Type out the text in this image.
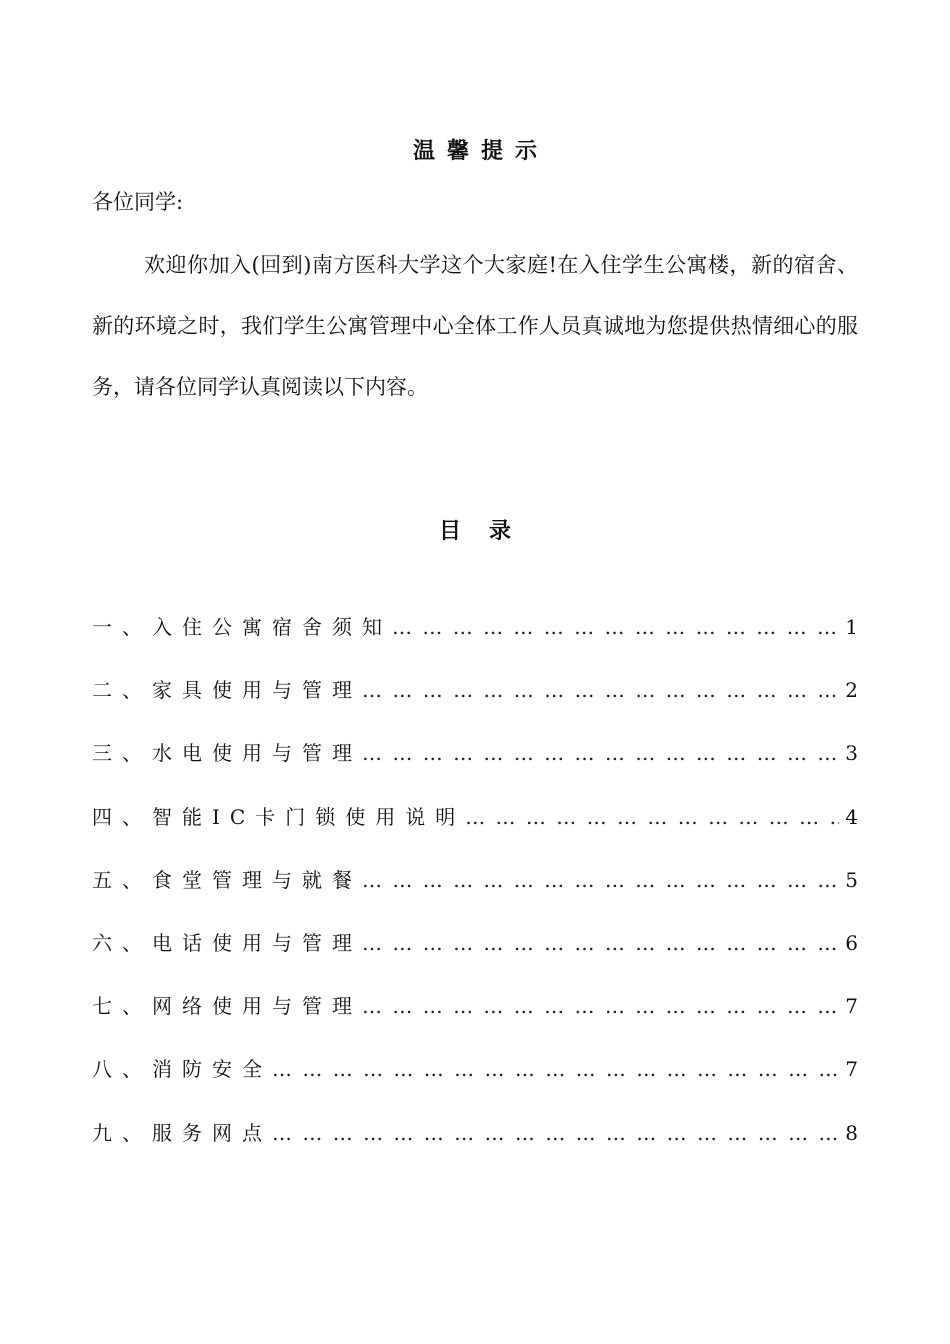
温馨提示
各位同学:

欢迎你加入(回到)南方医科大学这个大家庭!在入住学生公寓楼，新的宿舍、新的环境之时，我们学生公寓管理中心全体工作人员真诚地为您提供热情细心的服务，请各位同学认真阅读以下内容。

目录
一、入住公寓宿舍须知 … … … … … … … … … … … … … … … … … … … … … … … … … … … … … … … …	1
二、家具使用与管理 … … … … … … … … … … … … … … … … … … … … … … … … … … … … … … … …	2
三、水电使用与管理 … … … … … … … … … … … … … … … … … … … … … … … … … … … … … … … …	3
四、智能IC卡门锁使用说明 … … … … … … … … … … … … … … … … … … … … … … … … … … … … … … … …	4
五、食堂管理与就餐 … … … … … … … … … … … … … … … … … … … … … … … … … … … … … … … …	5
六、电话使用与管理 … … … … … … … … … … … … … … … … … … … … … … … … … … … … … … … …	6
七、网络使用与管理 … … … … … … … … … … … … … … … … … … … … … … … … … … … … … … … …	7
八、消防安全 … … … … … … … … … … … … … … … … … … … … … … … … … … … … … … … …	7
九、服务网点 … … … … … … … … … … … … … … … … … … … … … … … … … … … … … … … …	8
